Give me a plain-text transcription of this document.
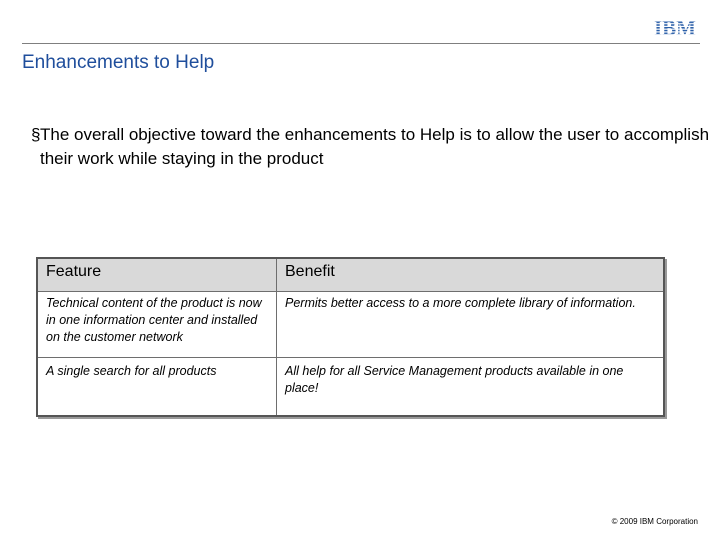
Enhancements to Help
§ The overall objective toward the enhancements to Help is to allow the user to accomplish their work while staying in the product
Feature	Benefit
Technical content of the product is now in one information center and installed on the customer network	Permits better access to a more complete library of information.
A single search for all products	All help for all Service Management products available in one place!
© 2009 IBM Corporation
